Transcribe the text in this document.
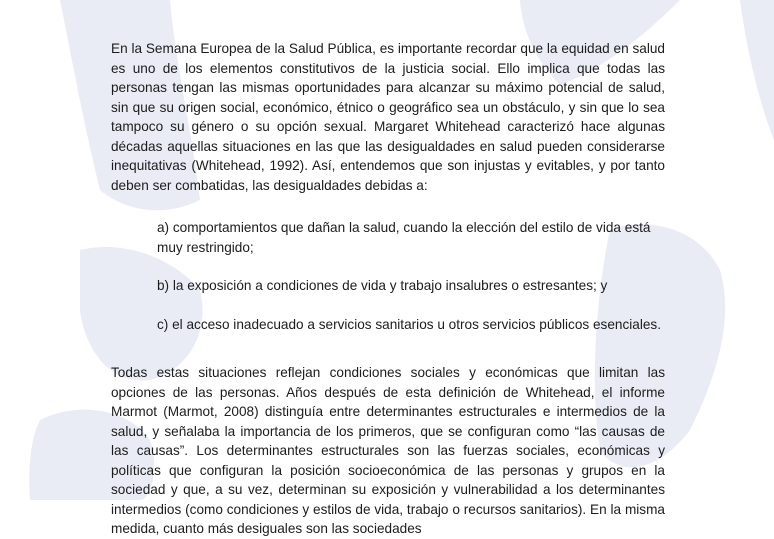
En la Semana Europea de la Salud Pública, es importante recordar que la equidad en salud es uno de los elementos constitutivos de la justicia social. Ello implica que todas las personas tengan las mismas oportunidades para alcanzar su máximo potencial de salud, sin que su origen social, económico, étnico o geográfico sea un obstáculo, y sin que lo sea tampoco su género o su opción sexual. Margaret Whitehead caracterizó hace algunas décadas aquellas situaciones en las que las desigualdades en salud pueden considerarse inequitativas (Whitehead, 1992). Así, entendemos que son injustas y evitables, y por tanto deben ser combatidas, las desigualdades debidas a:

a) comportamientos que dañan la salud, cuando la elección del estilo de vida está muy restringido;
b) la exposición a condiciones de vida y trabajo insalubres o estresantes; y
c) el acceso inadecuado a servicios sanitarios u otros servicios públicos esenciales.

Todas estas situaciones reflejan condiciones sociales y económicas que limitan las opciones de las personas. Años después de esta definición de Whitehead, el informe Marmot (Marmot, 2008) distinguía entre determinantes estructurales e intermedios de la salud, y señalaba la importancia de los primeros, que se configuran como “las causas de las causas”. Los determinantes estructurales son las fuerzas sociales, económicas y políticas que configuran la posición socioeconómica de las personas y grupos en la sociedad y que, a su vez, determinan su exposición y vulnerabilidad a los determinantes intermedios (como condiciones y estilos de vida, trabajo o recursos sanitarios). En la misma medida, cuanto más desiguales son las sociedades
